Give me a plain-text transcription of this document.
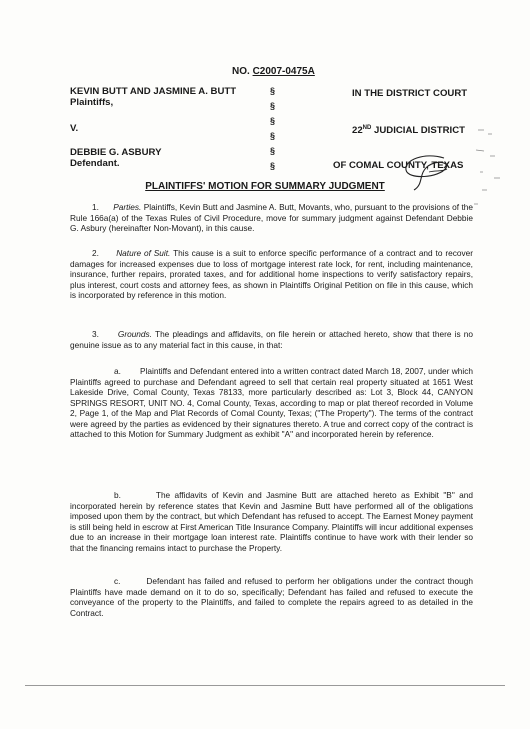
NO. C2007-0475A
KEVIN BUTT AND JASMINE A. BUTT
Plaintiffs,
V.
DEBBIE G. ASBURY
Defendant.
§
§
§
§
§
§
IN THE DISTRICT COURT
22ND JUDICIAL DISTRICT
OF COMAL COUNTY, TEXAS
PLAINTIFFS' MOTION FOR SUMMARY JUDGMENT
1. Parties. Plaintiffs, Kevin Butt and Jasmine A. Butt, Movants, who, pursuant to the provisions of the Rule 166a(a) of the Texas Rules of Civil Procedure, move for summary judgment against Defendant Debbie G. Asbury (hereinafter Non-Movant), in this cause.
2. Nature of Suit. This cause is a suit to enforce specific performance of a contract and to recover damages for increased expenses due to loss of mortgage interest rate lock, for rent, including maintenance, insurance, further repairs, prorated taxes, and for additional home inspections to verify satisfactory repairs, plus interest, court costs and attorney fees, as shown in Plaintiffs Original Petition on file in this cause, which is incorporated by reference in this motion.
3. Grounds. The pleadings and affidavits, on file herein or attached hereto, show that there is no genuine issue as to any material fact in this cause, in that:
a. Plaintiffs and Defendant entered into a written contract dated March 18, 2007, under which Plaintiffs agreed to purchase and Defendant agreed to sell that certain real property situated at 1651 West Lakeside Drive, Comal County, Texas 78133, more particularly described as: Lot 3, Block 44, CANYON SPRINGS RESORT, UNIT NO. 4, Comal County, Texas, according to map or plat thereof recorded in Volume 2, Page 1, of the Map and Plat Records of Comal County, Texas; ("The Property"). The terms of the contract were agreed by the parties as evidenced by their signatures thereto. A true and correct copy of the contract is attached to this Motion for Summary Judgment as exhibit "A" and incorporated herein by reference.
b.	The affidavits of Kevin and Jasmine Butt are attached hereto as Exhibit "B" and incorporated herein by reference states that Kevin and Jasmine Butt have performed all of the obligations imposed upon them by the contract, but which Defendant has refused to accept. The Earnest Money payment is still being held in escrow at First American Title Insurance Company. Plaintiffs will incur additional expenses due to an increase in their mortgage loan interest rate. Plaintiffs continue to have work with their lender so that the financing remains intact to purchase the Property.
c.	Defendant has failed and refused to perform her obligations under the contract though Plaintiffs have made demand on it to do so, specifically; Defendant has failed and refused to execute the conveyance of the property to the Plaintiffs, and failed to complete the repairs agreed to as detailed in the Contract.
